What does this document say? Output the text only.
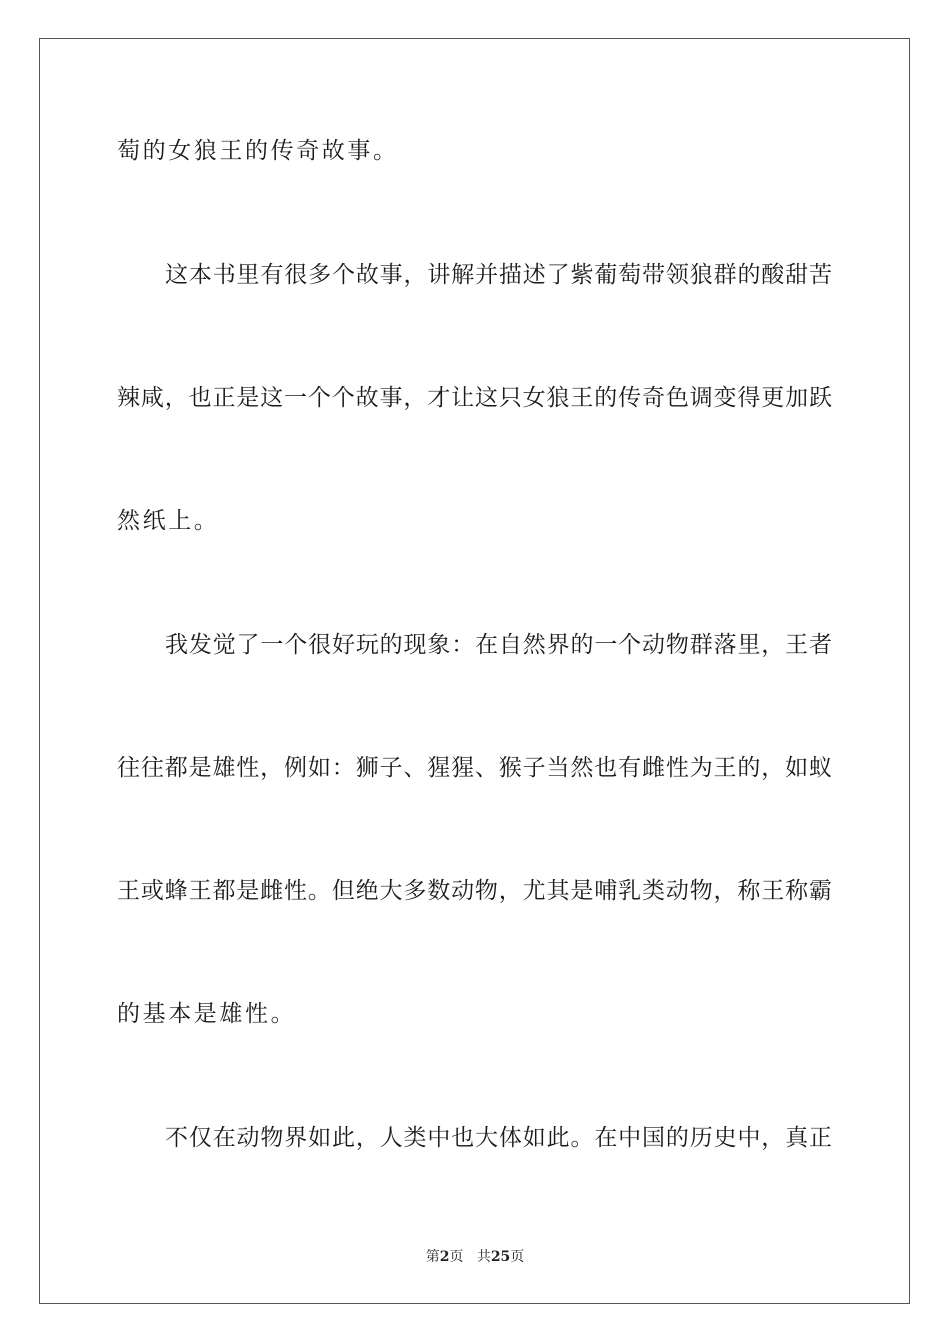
萄的女狼王的传奇故事。
这本书里有很多个故事，讲解并描述了紫葡萄带领狼群的酸甜苦
辣咸，也正是这一个个故事，才让这只女狼王的传奇色调变得更加跃
然纸上。
我发觉了一个很好玩的现象：在自然界的一个动物群落里，王者
往往都是雄性，例如：狮子、猩猩、猴子当然也有雌性为王的，如蚁
王或蜂王都是雌性。但绝大多数动物，尤其是哺乳类动物，称王称霸
的基本是雄性。
不仅在动物界如此，人类中也大体如此。在中国的历史中，真正
第2页 共25页
